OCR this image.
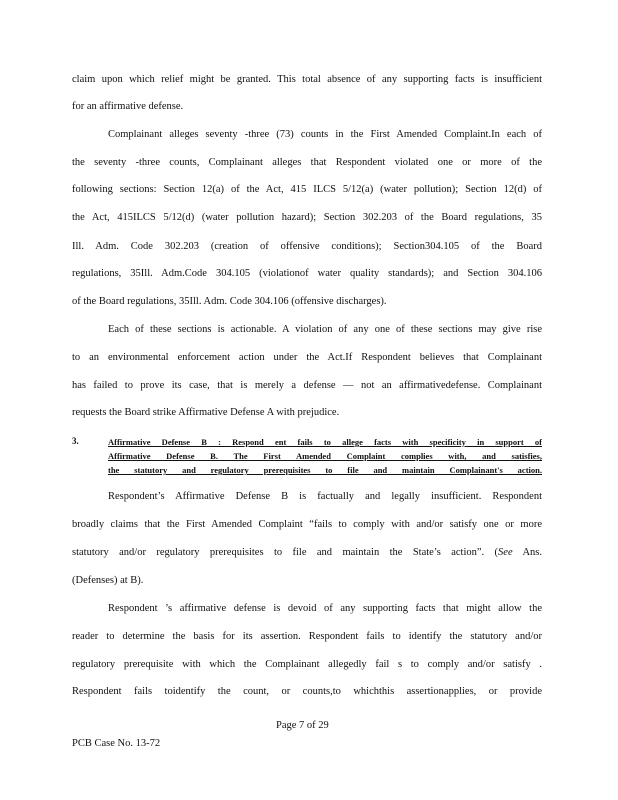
claim upon which relief might be granted. This total absence of any supporting facts is insufficient
for an affirmative defense.
Complainant alleges seventy -three (73) counts in the First Amended Complaint.In each of
the seventy -three counts, Complainant alleges that Respondent violated one or more of the
following sections: Section 12(a) of the Act, 415 ILCS 5/12(a) (water pollution); Section 12(d) of
the Act, 415ILCS 5/12(d) (water pollution hazard); Section 302.203 of the Board regulations, 35
Ill. Adm. Code 302.203 (creation of offensive conditions); Section304.105 of the Board
regulations, 35Ill. Adm.Code 304.105 (violationof water quality standards); and Section 304.106
of the Board regulations, 35Ill. Adm. Code 304.106 (offensive discharges).
Each of these sections is actionable. A violation of any one of these sections may give rise
to an environmental enforcement action under the Act.If Respondent believes that Complainant
has failed to prove its case, that is merely a defense — not an affirmativedefense. Complainant
requests the Board strike Affirmative Defense A with prejudice.
3.	Affirmative Defense B : Respond ent fails to allege facts with specificity in support of
Affirmative Defense B. The First Amended Complaint complies with, and satisfies,
the statutory and regulatory prerequisites to file and maintain Complainant's action.
Respondent’s Affirmative Defense B is factually and legally insufficient. Respondent
broadly claims that the First Amended Complaint “fails to comply with and/or satisfy one or more
statutory and/or regulatory prerequisites to file and maintain the State’s action”. (See Ans.
(Defenses) at B).
Respondent ’s affirmative defense is devoid of any supporting facts that might allow the
reader to determine the basis for its assertion. Respondent fails to identify the statutory and/or
regulatory prerequisite with which the Complainant allegedly fail s to comply and/or satisfy .
Respondent fails toidentify the count, or counts,to whichthis assertionapplies, or provide
Page 7 of 29
PCB Case No. 13-72
